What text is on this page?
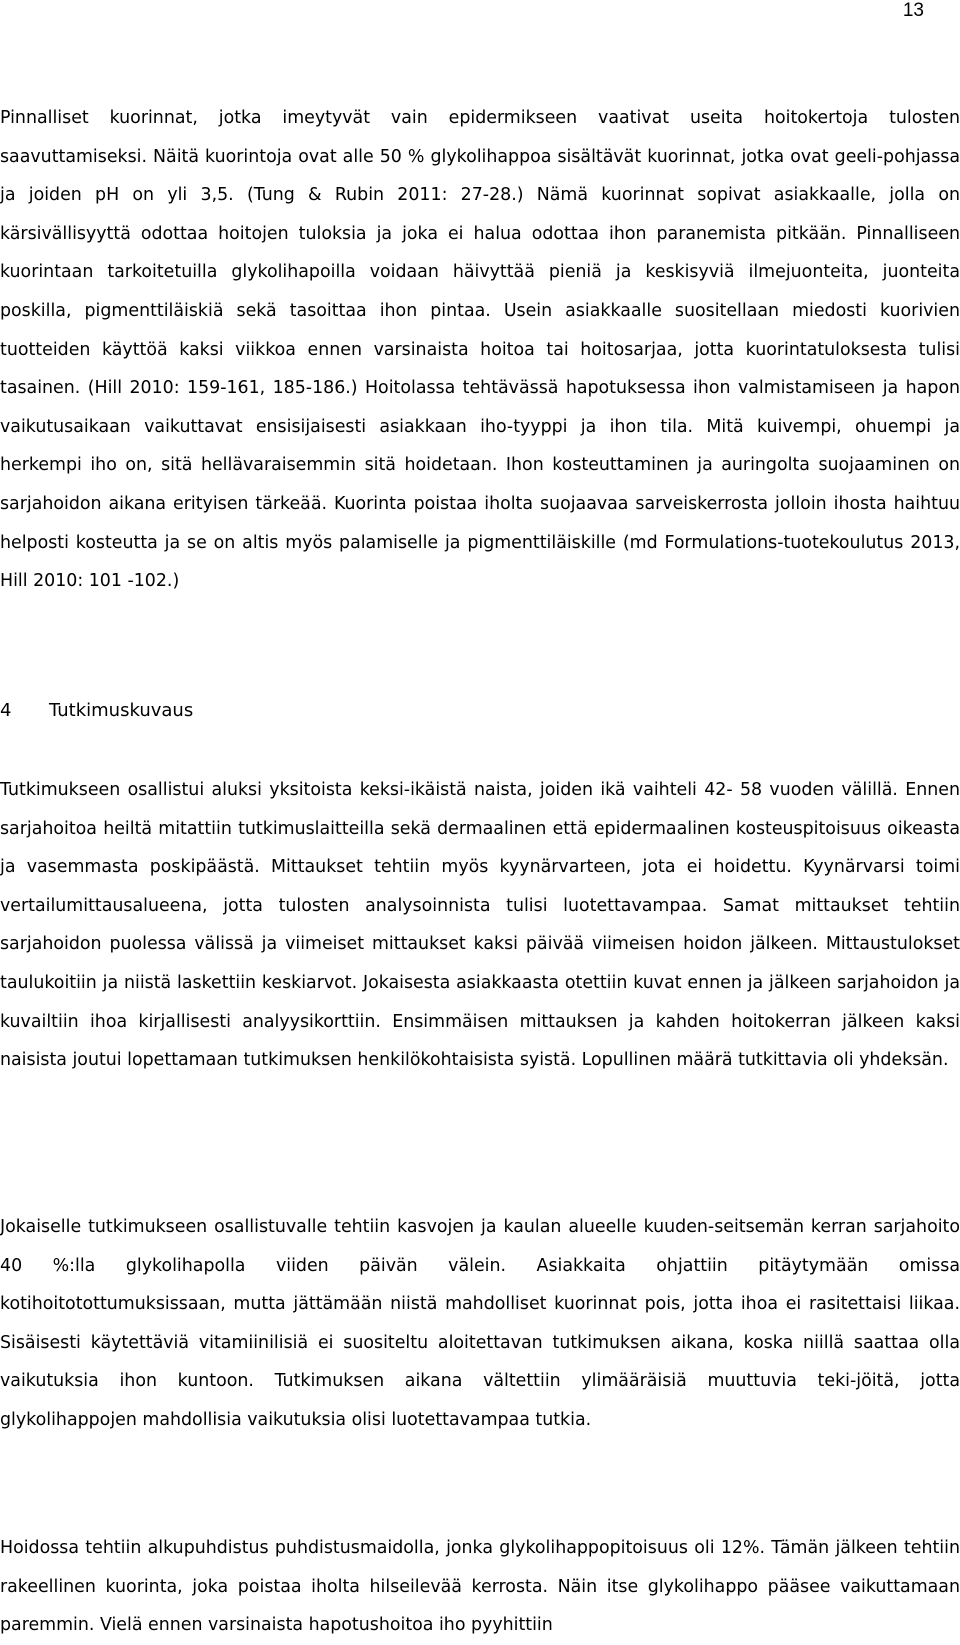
13

Pinnalliset kuorinnat, jotka imeytyvät vain epidermikseen vaativat useita hoitokertoja tulosten saavuttamiseksi. Näitä kuorintoja ovat alle 50 % glykolihappoa sisältävät kuorinnat, jotka ovat geeli-pohjassa ja joiden pH on yli 3,5. (Tung & Rubin 2011: 27-28.) Nämä kuorinnat sopivat asiakkaalle, jolla on kärsivällisyyttä odottaa hoitojen tuloksia ja joka ei halua odottaa ihon paranemista pitkään. Pinnalliseen kuorintaan tarkoitetuilla glykolihapoilla voidaan häivyttää pieniä ja keskisyviä ilmejuonteita, juonteita poskilla, pigmenttiläiskiä sekä tasoittaa ihon pintaa. Usein asiakkaalle suositellaan miedosti kuorivien tuotteiden käyttöä kaksi viikkoa ennen varsinaista hoitoa tai hoitosarjaa, jotta kuorintatuloksesta tulisi tasainen. (Hill 2010: 159-161, 185-186.) Hoitolassa tehtävässä hapotuksessa ihon valmistamiseen ja hapon vaikutusaikaan vaikuttavat ensisijaisesti asiakkaan iho-tyyppi ja ihon tila. Mitä kuivempi, ohuempi ja herkempi iho on, sitä hellävaraisemmin sitä hoidetaan. Ihon kosteuttaminen ja auringolta suojaaminen on sarjahoidon aikana erityisen tärkeää. Kuorinta poistaa iholta suojaavaa sarveiskerrosta jolloin ihosta haihtuu helposti kosteutta ja se on altis myös palamiselle ja pigmenttiläiskille (md Formulations-tuotekoulutus 2013, Hill 2010: 101 -102.)

4 Tutkimuskuvaus

Tutkimukseen osallistui aluksi yksitoista keksi-ikäistä naista, joiden ikä vaihteli 42- 58 vuoden välillä. Ennen sarjahoitoa heiltä mitattiin tutkimuslaitteilla sekä dermaalinen että epidermaalinen kosteuspitoisuus oikeasta ja vasemmasta poskipäästä. Mittaukset tehtiin myös kyynärvarteen, jota ei hoidettu. Kyynärvarsi toimi vertailumittausalueena, jotta tulosten analysoinnista tulisi luotettavampaa. Samat mittaukset tehtiin sarjahoidon puolessa välissä ja viimeiset mittaukset kaksi päivää viimeisen hoidon jälkeen. Mittaustulokset taulukoitiin ja niistä laskettiin keskiarvot. Jokaisesta asiakkaasta otettiin kuvat ennen ja jälkeen sarjahoidon ja kuvailtiin ihoa kirjallisesti analyysikorttiin. Ensimmäisen mittauksen ja kahden hoitokerran jälkeen kaksi naisista joutui lopettamaan tutkimuksen henkilökohtaisista syistä. Lopullinen määrä tutkittavia oli yhdeksän.

Jokaiselle tutkimukseen osallistuvalle tehtiin kasvojen ja kaulan alueelle kuuden-seitsemän kerran sarjahoito 40 %:lla glykolihapolla viiden päivän välein. Asiakkaita ohjattiin pitäytymään omissa kotihoitotottumuksissaan, mutta jättämään niistä mahdolliset kuorinnat pois, jotta ihoa ei rasitettaisi liikaa. Sisäisesti käytettäviä vitamiinilisiä ei suositeltu aloitettavan tutkimuksen aikana, koska niillä saattaa olla vaikutuksia ihon kuntoon. Tutkimuksen aikana vältettiin ylimääräisiä muuttuvia teki-jöitä, jotta glykolihappojen mahdollisia vaikutuksia olisi luotettavampaa tutkia.

Hoidossa tehtiin alkupuhdistus puhdistusmaidolla, jonka glykolihappopitoisuus oli 12%. Tämän jälkeen tehtiin rakeellinen kuorinta, joka poistaa iholta hilseilevää kerrosta. Näin itse glykolihappo pääsee vaikuttamaan paremmin. Vielä ennen varsinaista hapotushoitoa iho pyyhittiin
